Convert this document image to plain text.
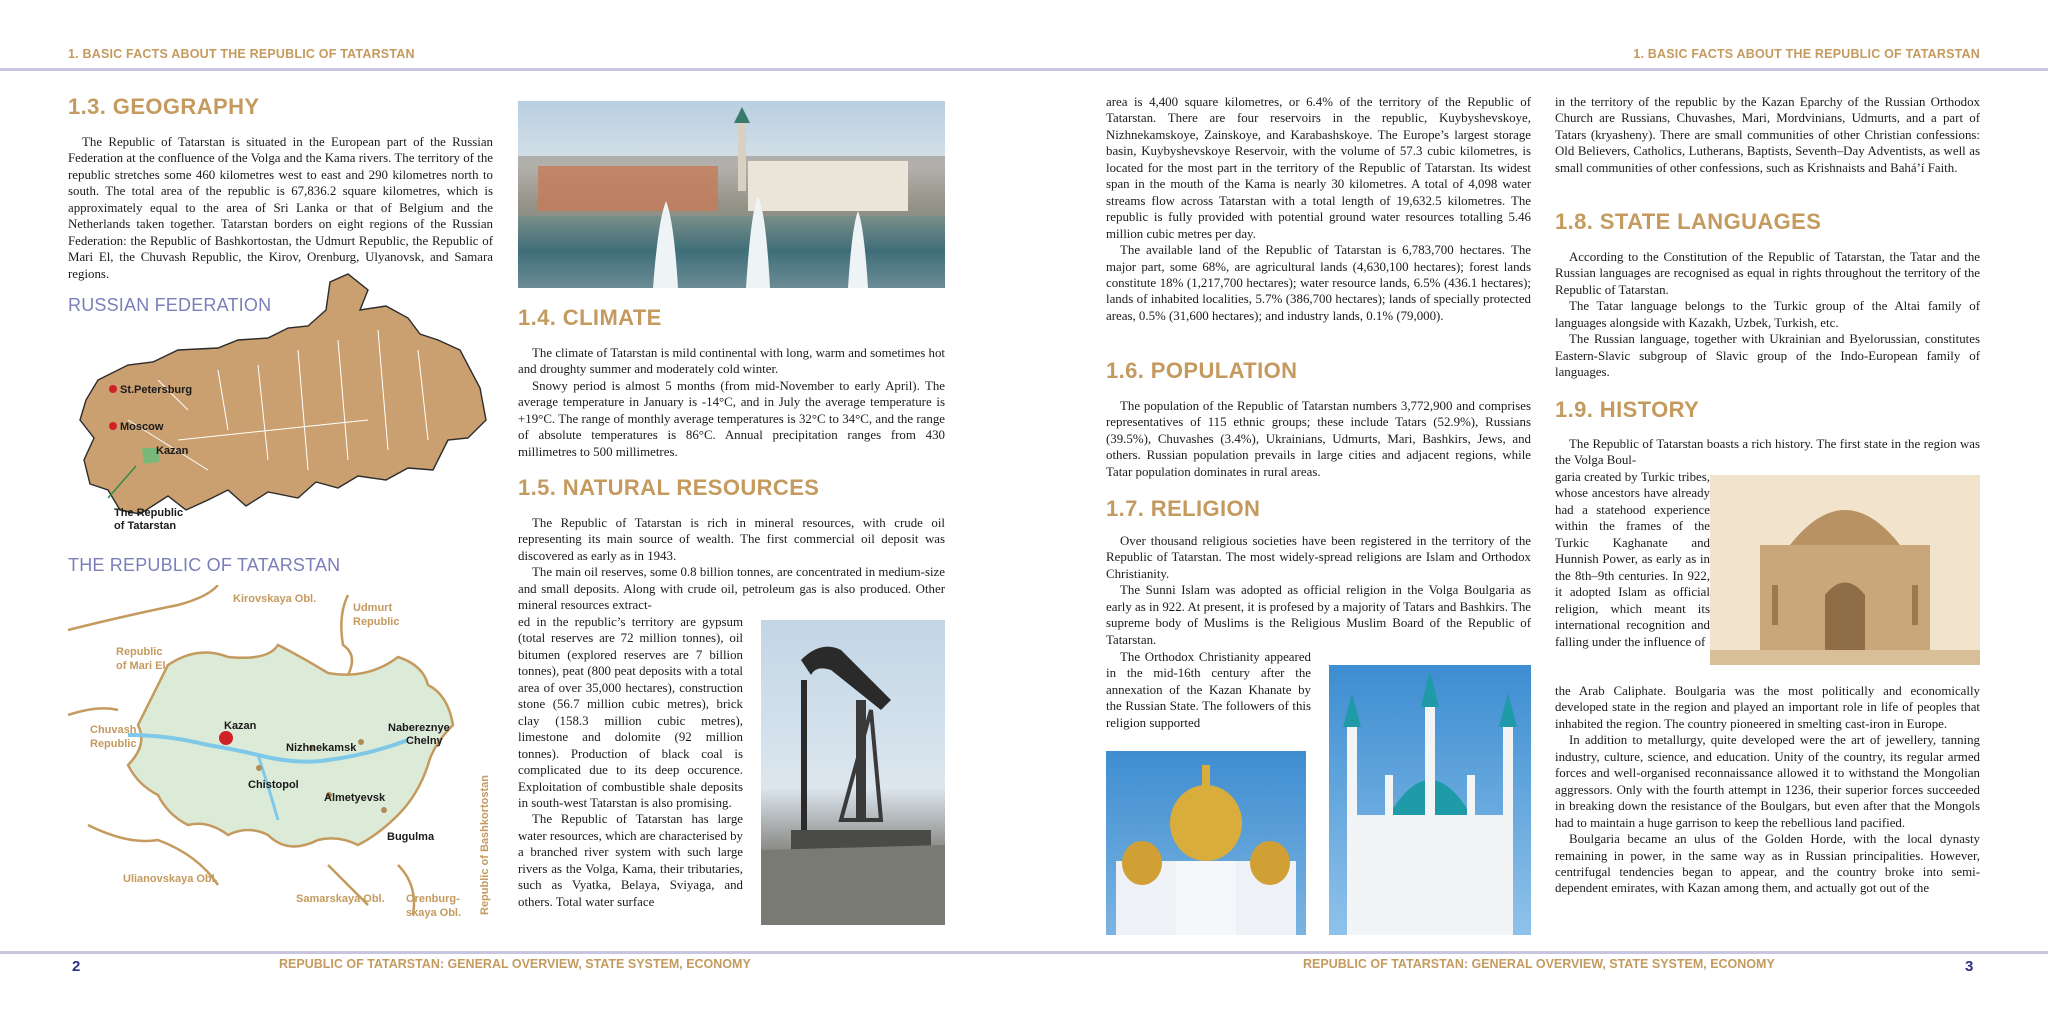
1. BASIC FACTS ABOUT THE REPUBLIC OF TATARSTAN	1. BASIC FACTS ABOUT THE REPUBLIC OF TATARSTAN
1.3. GEOGRAPHY

The Republic of Tatarstan is situated in the European part of the Russian Federation at the confluence of the Volga and the Kama rivers. The territory of the republic stretches some 460 kilometres west to east and 290 kilometres north to south. The total area of the republic is 67,836.2 square kilometres, which is approximately equal to the area of Sri Lanka or that of Belgium and the Netherlands taken together. Tatarstan borders on eight regions of the Russian Federation: the Republic of Bashkortostan, the Udmurt Republic, the Republic of Mari El, the Chuvash Republic, the Kirov, Orenburg, Ulyanovsk, and Samara regions.

RUSSIAN FEDERATION
St.Petersburg
Moscow
Kazan
The Republic
of Tatarstan
THE REPUBLIC OF TATARSTAN
Kirovskaya Obl.
Udmurt
Republic
Republic
of Mari El
Chuvash
Republic
Kazan	Nabereznye
Chelny
Nizhnekamsk
Chistopol
Almetyevsk
Bugulma
Ulianovskaya Obl.
Samarskaya Obl. Orenburg-
skaya Obl. Republic of Bashkortostan
1.4. CLIMATE

The climate of Tatarstan is mild continental with long, warm and sometimes hot and droughty summer and moderately cold winter.

Snowy period is almost 5 months (from mid-November to early April). The average temperature in January is -14°C, and in July the average temperature is +19°C. The range of monthly average temperatures is 32°C to 34°C, and the range of absolute temperatures is 86°C. Annual precipitation ranges from 430 millimetres to 500 millimetres.

1.5. NATURAL RESOURCES

The Republic of Tatarstan is rich in mineral resources, with crude oil representing its main source of wealth. The first commercial oil deposit was discovered as early as in 1943.

The main oil reserves, some 0.8 billion tonnes, are concentrated in medium-size and small deposits. Along with crude oil, petroleum gas is also produced. Other mineral resources extract-

ed in the republic’s territory are gypsum (total reserves are 72 million tonnes), oil bitumen (explored reserves are 7 billion tonnes), peat (800 peat deposits with a total area of over 35,000 hectares), construction stone (56.7 million cubic metres), brick clay (158.3 million cubic metres), limestone and dolomite (92 million tonnes). Production of black coal is complicated due to its deep occurence. Exploitation of combustible shale deposits in south-west Tatarstan is also promising.

The Republic of Tatarstan has large water resources, which are characterised by a branched river system with such large rivers as the Volga, Kama, their tributaries, such as Vyatka, Belaya, Sviyaga, and others. Total water surface

area is 4,400 square kilometres, or 6.4% of the territory of the Republic of Tatarstan. There are four reservoirs in the republic, Kuybyshevskoye, Nizhnekamskoye, Zainskoye, and Karabashskoye. The Europe’s largest storage basin, Kuybyshevskoye Reservoir, with the volume of 57.3 cubic kilometres, is located for the most part in the territory of the Republic of Tatarstan. Its widest span in the mouth of the Kama is nearly 30 kilometres. A total of 4,098 water streams flow across Tatarstan with a total length of 19,632.5 kilometres. The republic is fully provided with potential ground water resources totalling 5.46 million cubic metres per day.

The available land of the Republic of Tatarstan is 6,783,700 hectares. The major part, some 68%, are agricultural lands (4,630,100 hectares); forest lands constitute 18% (1,217,700 hectares); water resource lands, 6.5% (436.1 hectares); lands of inhabited localities, 5.7% (386,700 hectares); lands of specially protected areas, 0.5% (31,600 hectares); and industry lands, 0.1% (79,000).

1.6. POPULATION

The population of the Republic of Tatarstan numbers 3,772,900 and comprises representatives of 115 ethnic groups; these include Tatars (52.9%), Russians (39.5%), Chuvashes (3.4%), Ukrainians, Udmurts, Mari, Bashkirs, Jews, and others. Russian population prevails in large cities and adjacent regions, while Tatar population dominates in rural areas.

1.7. RELIGION

Over thousand religious societies have been registered in the territory of the Republic of Tatarstan. The most widely-spread religions are Islam and Orthodox Christianity.

The Sunni Islam was adopted as official religion in the Volga Boulgaria as early as in 922. At present, it is profesed by a majority of Tatars and Bashkirs. The supreme body of Muslims is the Religious Muslim Board of the Republic of Tatarstan.

The Orthodox Christianity appeared in the mid-16th century after the annexation of the Kazan Khanate by the Russian State. The followers of this religion supported

in the territory of the republic by the Kazan Eparchy of the Russian Orthodox Church are Russians, Chuvashes, Mari, Mordvinians, Udmurts, and a part of Tatars (kryasheny). There are small communities of other Christian confessions: Old Believers, Catholics, Lutherans, Baptists, Seventh–Day Adventists, as well as small communities of other confessions, such as Krishnaists and Bahá’í Faith.

1.8. STATE LANGUAGES

According to the Constitution of the Republic of Tatarstan, the Tatar and the Russian languages are recognised as equal in rights throughout the territory of the Republic of Tatarstan.

The Tatar language belongs to the Turkic group of the Altai family of languages alongside with Kazakh, Uzbek, Turkish, etc.

The Russian language, together with Ukrainian and Byelorussian, constitutes Eastern-Slavic subgroup of Slavic group of the Indo-European family of languages.

1.9. HISTORY

The Republic of Tatarstan boasts a rich history. The first state in the region was the Volga Boul-

garia created by Turkic tribes, whose ancestors have already had a statehood experience within the frames of the Turkic Kaghanate and Hunnish Power, as early as in the 8th–9th centuries. In 922, it adopted Islam as official religion, which meant its international recognition and falling under the influence of

the Arab Caliphate. Boulgaria was the most politically and economically developed state in the region and played an important role in life of peoples that inhabited the region. The country pioneered in smelting cast-iron in Europe.

In addition to metallurgy, quite developed were the art of jewellery, tanning industry, culture, science, and education. Unity of the country, its regular armed forces and well-organised reconnaissance allowed it to withstand the Mongolian aggressors. Only with the fourth attempt in 1236, their superior forces succeeded in breaking down the resistance of the Boulgars, but even after that the Mongols had to maintain a huge garrison to keep the rebellious land pacified.

Boulgaria became an ulus of the Golden Horde, with the local dynasty remaining in power, in the same way as in Russian principalities. However, centrifugal tendencies began to appear, and the country broke into semi-dependent emirates, with Kazan among them, and actually got out of the

2	REPUBLIC OF TATARSTAN: GENERAL OVERVIEW, STATE SYSTEM, ECONOMY	REPUBLIC OF TATARSTAN: GENERAL OVERVIEW, STATE SYSTEM, ECONOMY	3
